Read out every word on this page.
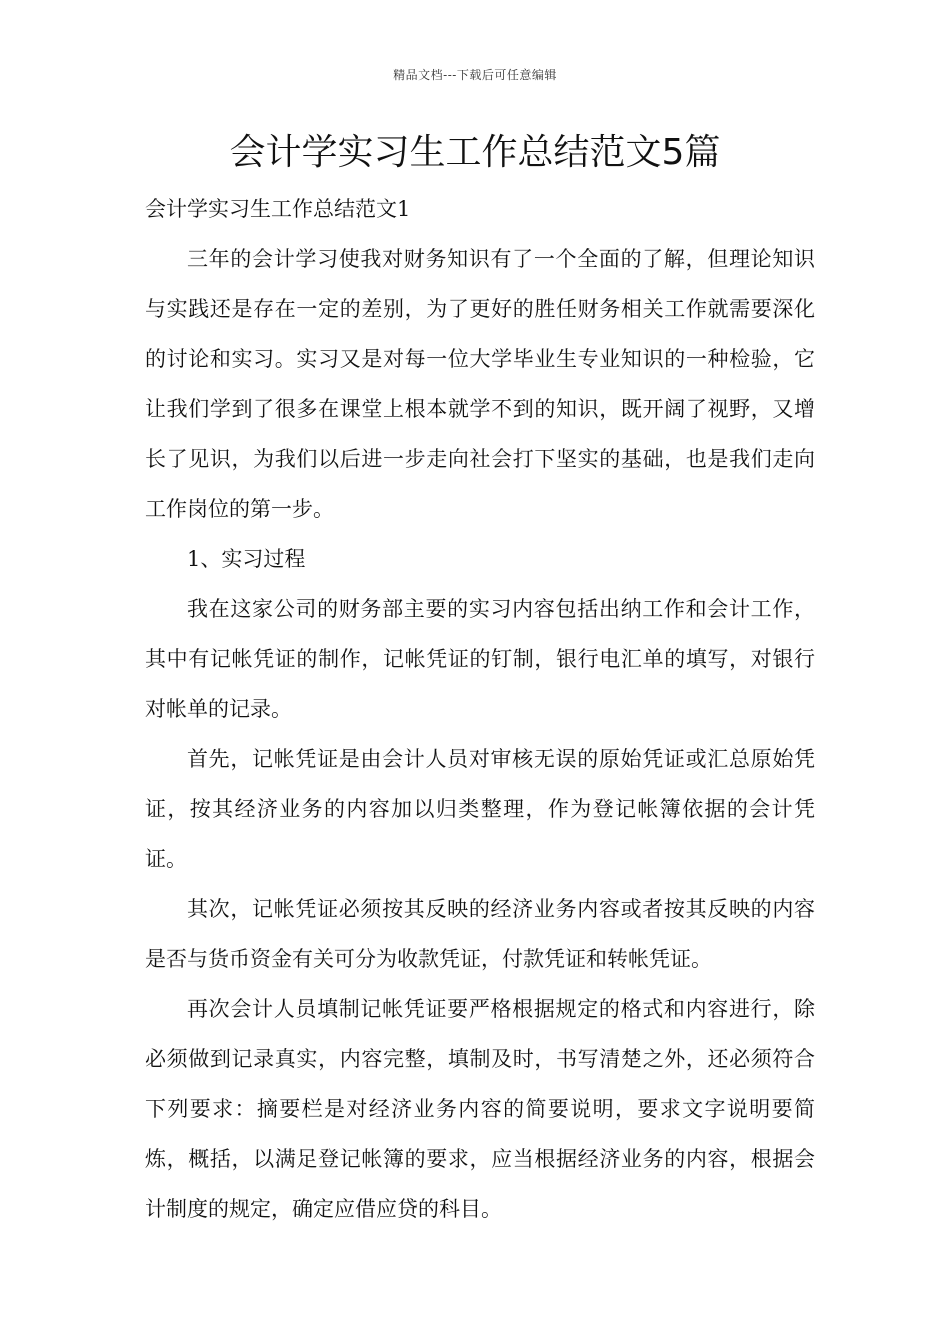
精品文档---下载后可任意编辑
会计学实习生工作总结范文5篇

会计学实习生工作总结范文1

三年的会计学习使我对财务知识有了一个全面的了解，但理论知识与实践还是存在一定的差别，为了更好的胜任财务相关工作就需要深化的讨论和实习。实习又是对每一位大学毕业生专业知识的一种检验，它让我们学到了很多在课堂上根本就学不到的知识，既开阔了视野，又增长了见识，为我们以后进一步走向社会打下坚实的基础，也是我们走向工作岗位的第一步。

1、实习过程

我在这家公司的财务部主要的实习内容包括出纳工作和会计工作，其中有记帐凭证的制作，记帐凭证的钉制，银行电汇单的填写，对银行对帐单的记录。

首先，记帐凭证是由会计人员对审核无误的原始凭证或汇总原始凭证，按其经济业务的内容加以归类整理，作为登记帐簿依据的会计凭证。

其次，记帐凭证必须按其反映的经济业务内容或者按其反映的内容是否与货币资金有关可分为收款凭证，付款凭证和转帐凭证。

再次会计人员填制记帐凭证要严格根据规定的格式和内容进行，除必须做到记录真实，内容完整，填制及时，书写清楚之外，还必须符合下列要求：摘要栏是对经济业务内容的简要说明，要求文字说明要简炼，概括，以满足登记帐簿的要求，应当根据经济业务的内容，根据会计制度的规定，确定应借应贷的科目。
